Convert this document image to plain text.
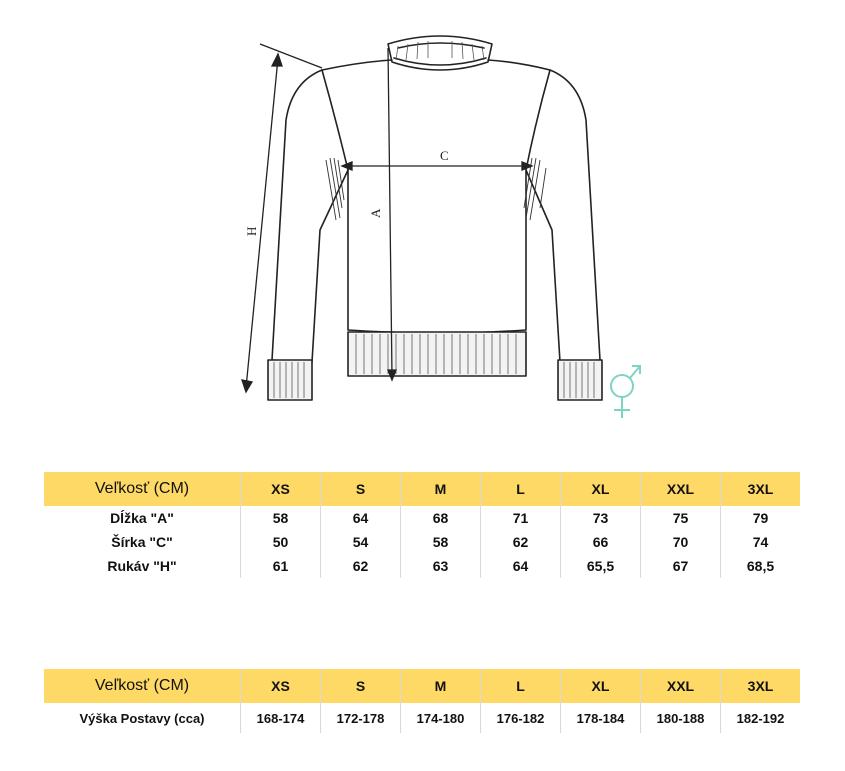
C
A
H
Veľkosť (CM)	XS	S	M	L	XL	XXL	3XL
Dĺžka "A"	58	64	68	71	73	75	79
Šírka "C"	50	54	58	62	66	70	74
Rukáv "H"	61	62	63	64	65,5	67	68,5
Veľkosť (CM)	XS	S	M	L	XL	XXL	3XL
Výška Postavy (cca)	168-174	172-178	174-180	176-182	178-184	180-188	182-192
